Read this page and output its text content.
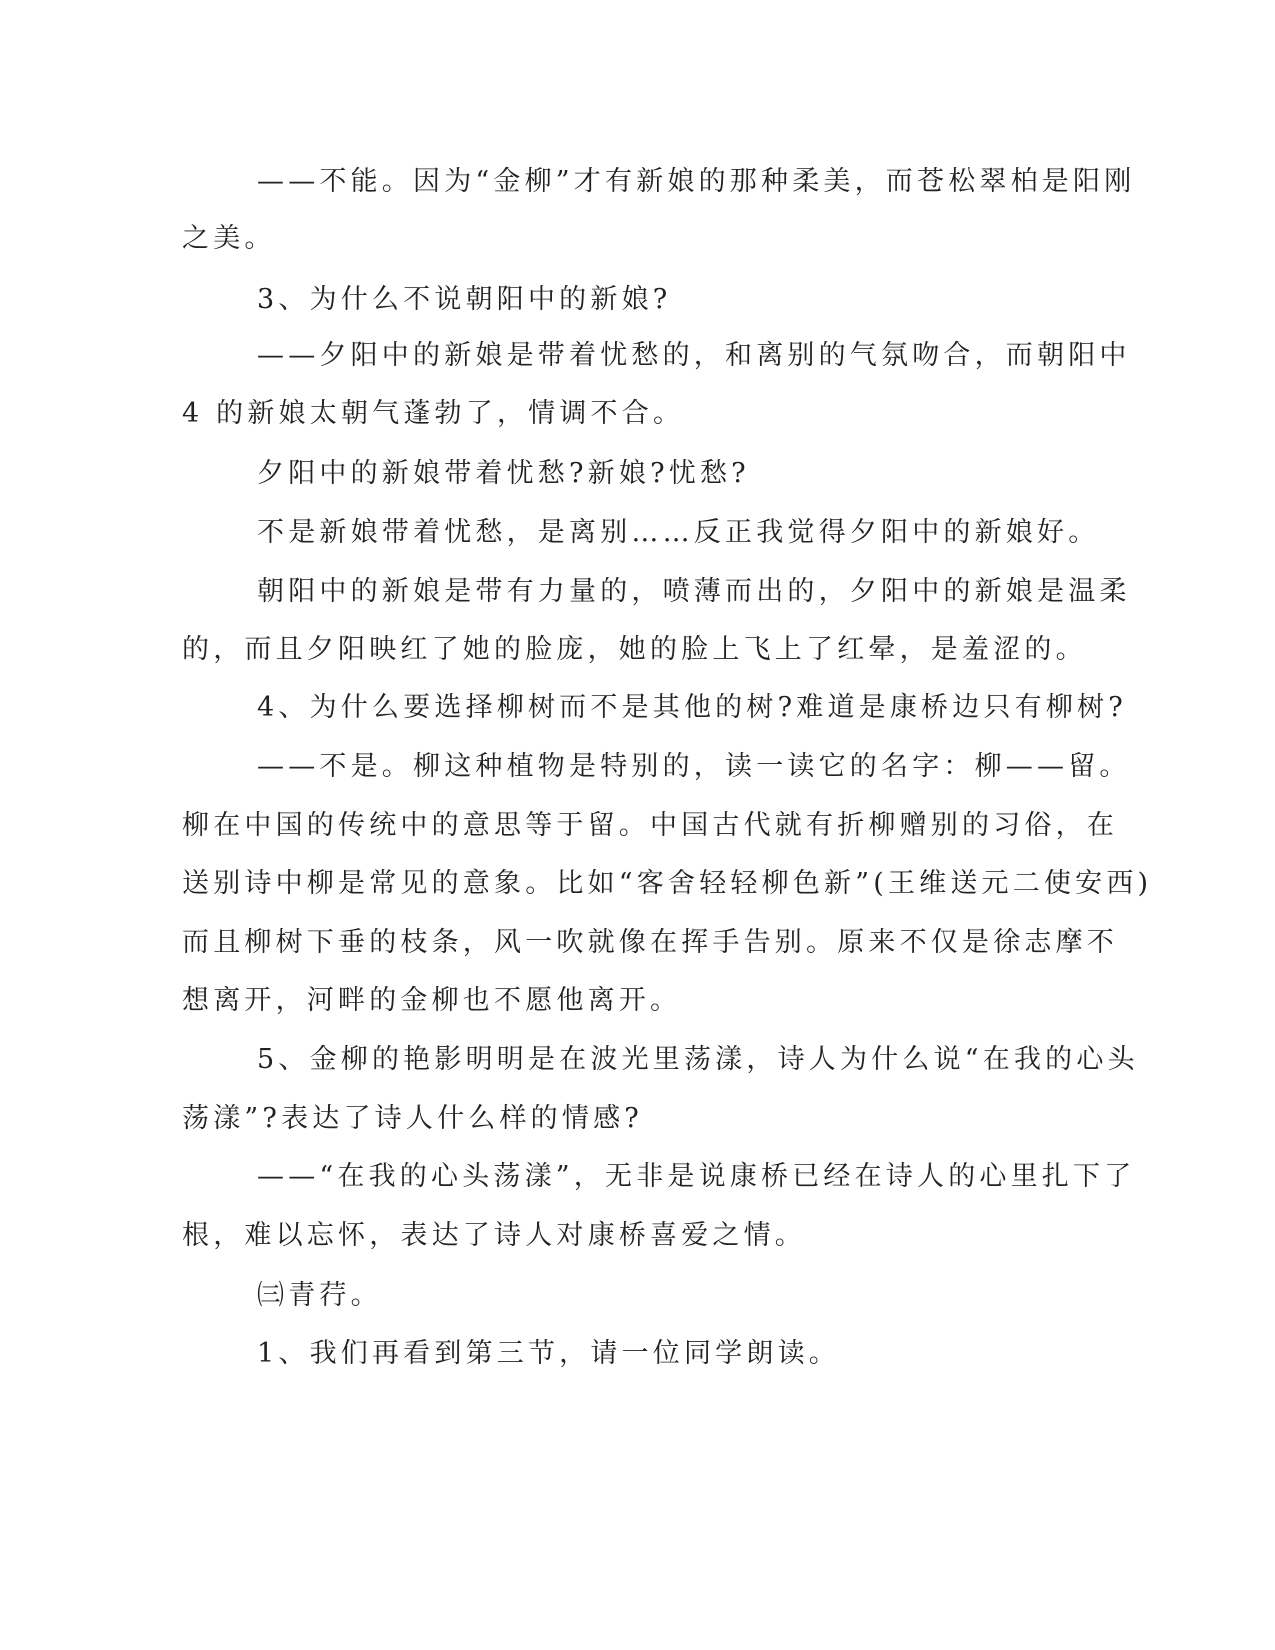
——不能。因为“金柳”才有新娘的那种柔美，而苍松翠柏是阳刚
之美。
3、为什么不说朝阳中的新娘?
——夕阳中的新娘是带着忧愁的，和离别的气氛吻合，而朝阳中
4 的新娘太朝气蓬勃了，情调不合。
夕阳中的新娘带着忧愁?新娘?忧愁?
不是新娘带着忧愁，是离别……反正我觉得夕阳中的新娘好。
朝阳中的新娘是带有力量的，喷薄而出的，夕阳中的新娘是温柔
的，而且夕阳映红了她的脸庞，她的脸上飞上了红晕，是羞涩的。
4、为什么要选择柳树而不是其他的树?难道是康桥边只有柳树?
——不是。柳这种植物是特别的，读一读它的名字：柳——留。
柳在中国的传统中的意思等于留。中国古代就有折柳赠别的习俗，在
送别诗中柳是常见的意象。比如“客舍轻轻柳色新”(王维送元二使安西)
而且柳树下垂的枝条，风一吹就像在挥手告别。原来不仅是徐志摩不
想离开，河畔的金柳也不愿他离开。
5、金柳的艳影明明是在波光里荡漾，诗人为什么说“在我的心头
荡漾”?表达了诗人什么样的情感?
——“在我的心头荡漾”，无非是说康桥已经在诗人的心里扎下了
根，难以忘怀，表达了诗人对康桥喜爱之情。
㈢青荇。
1、我们再看到第三节，请一位同学朗读。
